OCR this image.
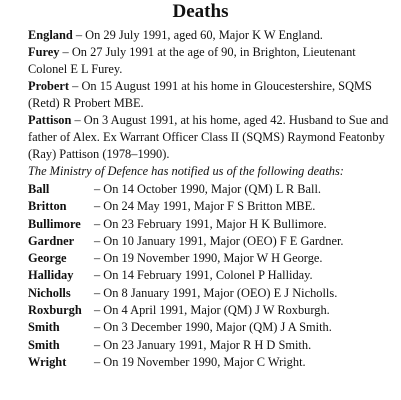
Deaths
England – On 29 July 1991, aged 60, Major K W England.
Furey – On 27 July 1991 at the age of 90, in Brighton, Lieutenant
Colonel E L Furey.
Probert – On 15 August 1991 at his home in Gloucestershire, SQMS
(Retd) R Probert MBE.
Pattison – On 3 August 1991, at his home, aged 42. Husband to Sue and
father of Alex. Ex Warrant Officer Class II (SQMS) Raymond Featonby
(Ray) Pattison (1978–1990).
The Ministry of Defence has notified us of the following deaths:
Ball	– On 14 October 1990, Major (QM) L R Ball.
Britton – On 24 May 1991, Major F S Britton MBE.
Bullimore – On 23 February 1991, Major H K Bullimore.
Gardner – On 10 January 1991, Major (OEO) F E Gardner.
George – On 19 November 1990, Major W H George.
Halliday – On 14 February 1991, Colonel P Halliday.
Nicholls – On 8 January 1991, Major (OEO) E J Nicholls.
Roxburgh – On 4 April 1991, Major (QM) J W Roxburgh.
Smith	– On 3 December 1990, Major (QM) J A Smith.
Smith	– On 23 January 1991, Major R H D Smith.
Wright – On 19 November 1990, Major C Wright.
